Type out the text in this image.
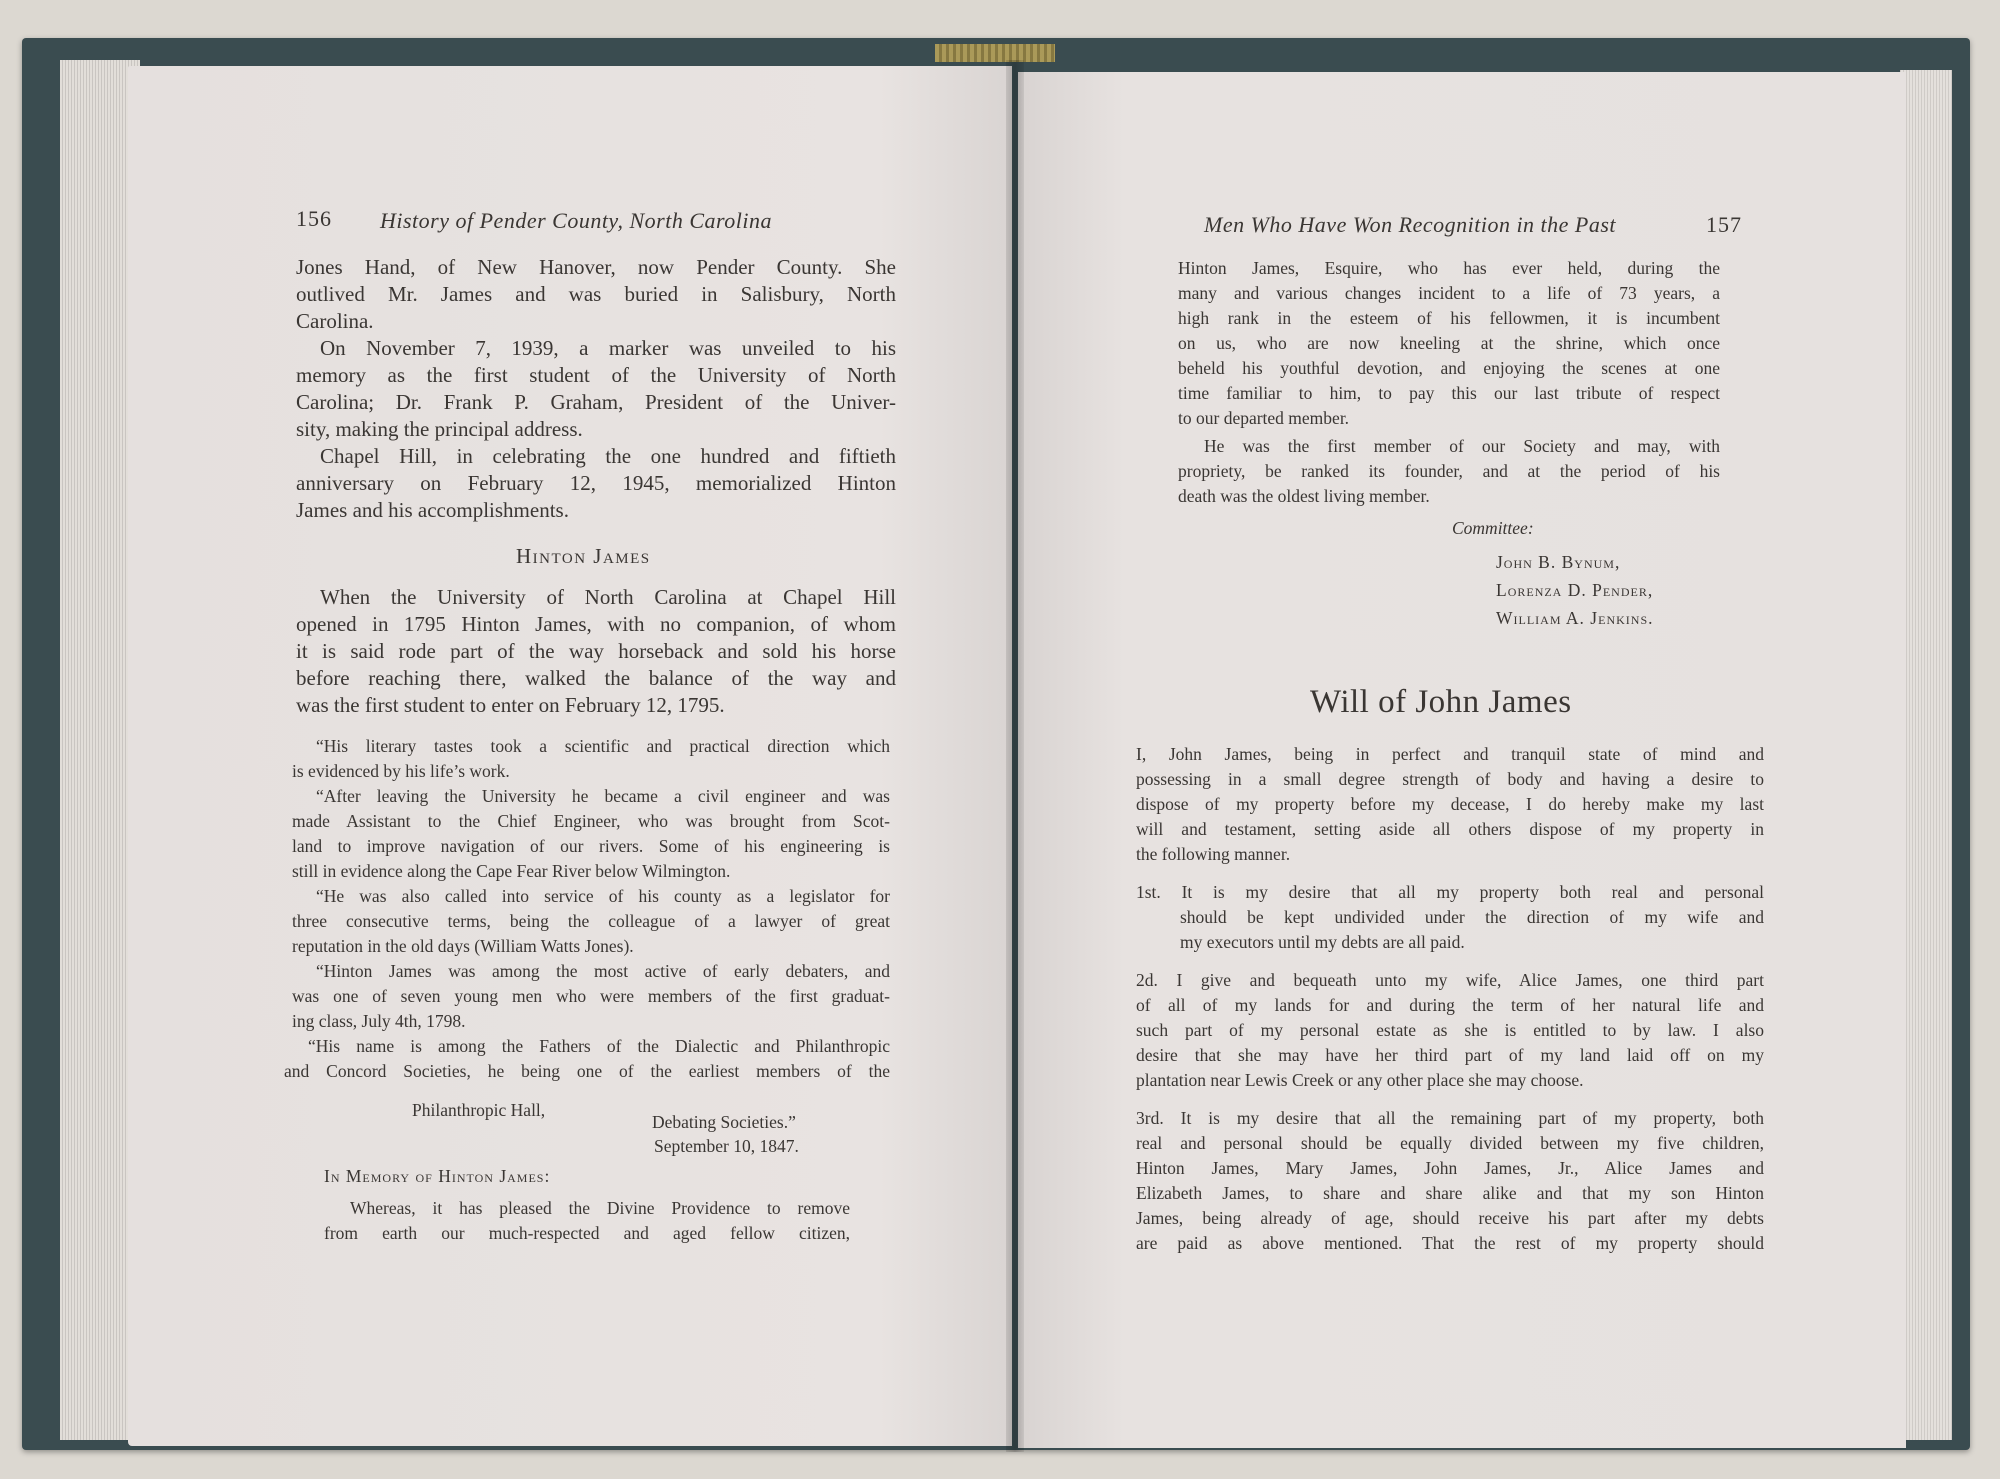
156 History of Pender County, North Carolina

Jones Hand, of New Hanover, now Pender County. She

outlived Mr. James and was buried in Salisbury, North

Carolina.

On November 7, 1939, a marker was unveiled to his

memory as the first student of the University of North

Carolina; Dr. Frank P. Graham, President of the Univer-

sity, making the principal address.

Chapel Hill, in celebrating the one hundred and fiftieth

anniversary on February 12, 1945, memorialized Hinton

James and his accomplishments.

Hinton James

When the University of North Carolina at Chapel Hill

opened in 1795 Hinton James, with no companion, of whom

it is said rode part of the way horseback and sold his horse

before reaching there, walked the balance of the way and

was the first student to enter on February 12, 1795.

“His literary tastes took a scientific and practical direction which

is evidenced by his life’s work.

“After leaving the University he became a civil engineer and was

made Assistant to the Chief Engineer, who was brought from Scot-

land to improve navigation of our rivers. Some of his engineering is

still in evidence along the Cape Fear River below Wilmington.

“He was also called into service of his county as a legislator for

three consecutive terms, being the colleague of a lawyer of great

reputation in the old days (William Watts Jones).

“Hinton James was among the most active of early debaters, and

was one of seven young men who were members of the first graduat-

ing class, July 4th, 1798.

“His name is among the Fathers of the Dialectic and Philanthropic

and Concord Societies, he being one of the earliest members of the

Philanthropic Hall,

Debating Societies.”

September 10, 1847.

In Memory of Hinton James:

Whereas, it has pleased the Divine Providence to remove

from earth our much-respected and aged fellow citizen,

Men Who Have Won Recognition in the Past	157

Hinton James, Esquire, who has ever held, during the

many and various changes incident to a life of 73 years, a

high rank in the esteem of his fellowmen, it is incumbent

on us, who are now kneeling at the shrine, which once

beheld his youthful devotion, and enjoying the scenes at one

time familiar to him, to pay this our last tribute of respect

to our departed member.

He was the first member of our Society and may, with

propriety, be ranked its founder, and at the period of his

death was the oldest living member.

Committee:

John B. Bynum,

Lorenza D. Pender,

William A. Jenkins.

Will of John James

I, John James, being in perfect and tranquil state of mind and

possessing in a small degree strength of body and having a desire to

dispose of my property before my decease, I do hereby make my last

will and testament, setting aside all others dispose of my property in

the following manner.

1st. It is my desire that all my property both real and personal

should be kept undivided under the direction of my wife and

my executors until my debts are all paid.

2d. I give and bequeath unto my wife, Alice James, one third part

of all of my lands for and during the term of her natural life and

such part of my personal estate as she is entitled to by law. I also

desire that she may have her third part of my land laid off on my

plantation near Lewis Creek or any other place she may choose.

3rd. It is my desire that all the remaining part of my property, both

real and personal should be equally divided between my five children,

Hinton James, Mary James, John James, Jr., Alice James and

Elizabeth James, to share and share alike and that my son Hinton

James, being already of age, should receive his part after my debts

are paid as above mentioned. That the rest of my property should
